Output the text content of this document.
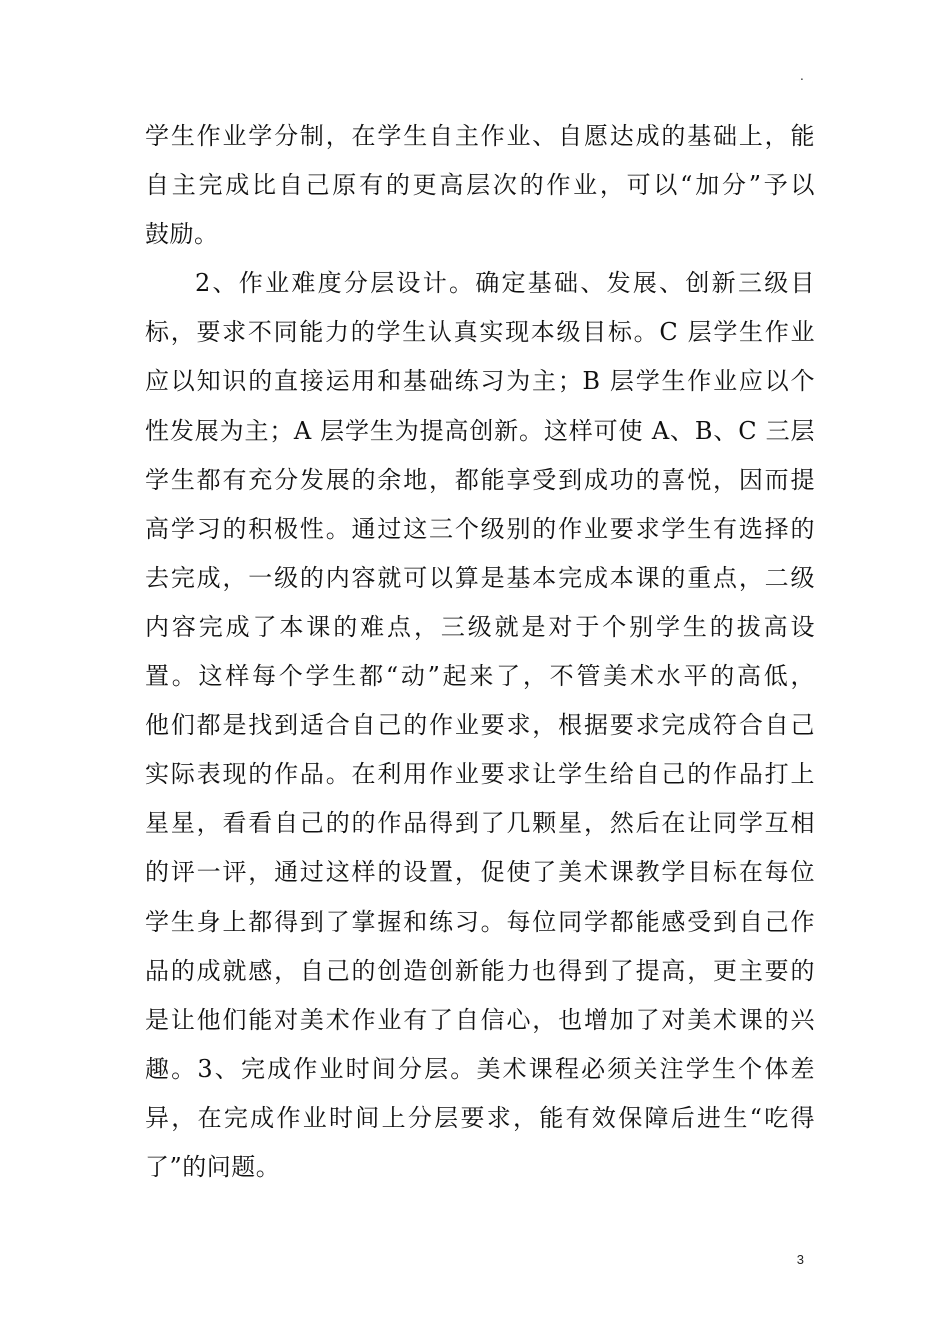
.
学生作业学分制，在学生自主作业、自愿达成的基础上，能
自主完成比自己原有的更高层次的作业，可以“加分”予以
鼓励。
2、作业难度分层设计。确定基础、发展、创新三级目
标，要求不同能力的学生认真实现本级目标。C 层学生作业
应以知识的直接运用和基础练习为主；B 层学生作业应以个
性发展为主；A 层学生为提高创新。这样可使 A、B、C 三层
学生都有充分发展的余地，都能享受到成功的喜悦，因而提
高学习的积极性。通过这三个级别的作业要求学生有选择的
去完成，一级的内容就可以算是基本完成本课的重点，二级
内容完成了本课的难点，三级就是对于个别学生的拔高设
置。这样每个学生都“动”起来了，不管美术水平的高低，
他们都是找到适合自己的作业要求，根据要求完成符合自己
实际表现的作品。在利用作业要求让学生给自己的作品打上
星星，看看自己的的作品得到了几颗星，然后在让同学互相
的评一评，通过这样的设置，促使了美术课教学目标在每位
学生身上都得到了掌握和练习。每位同学都能感受到自己作
品的成就感，自己的创造创新能力也得到了提高，更主要的
是让他们能对美术作业有了自信心，也增加了对美术课的兴
趣。3、完成作业时间分层。美术课程必须关注学生个体差
异，在完成作业时间上分层要求，能有效保障后进生“吃得
了”的问题。
3
